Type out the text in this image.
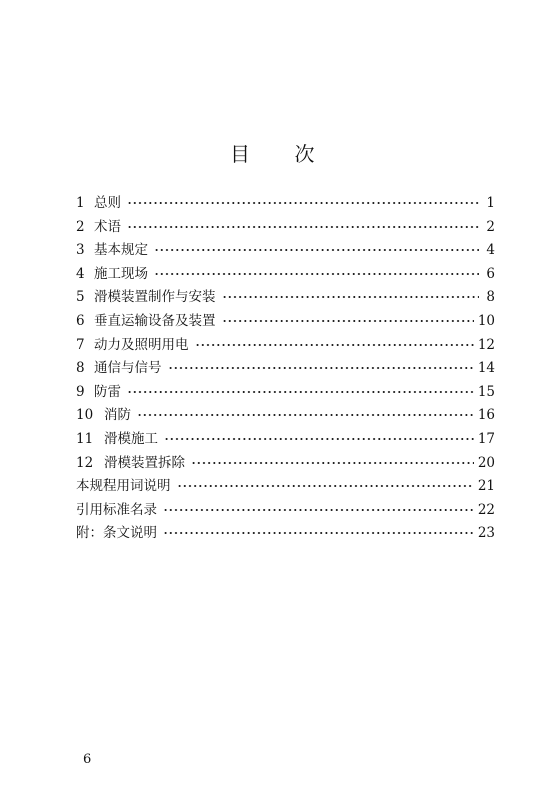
目 次
1 总则	1
2 术语	2
3 基本规定	4
4 施工现场	6
5 滑模装置制作与安装	8
6 垂直运输设备及装置	10
7 动力及照明用电	12
8 通信与信号	14
9 防雷	15
10 消防	16
11 滑模施工	17
12 滑模装置拆除	20
本规程用词说明	21
引用标准名录	22
附：条文说明	23
6
